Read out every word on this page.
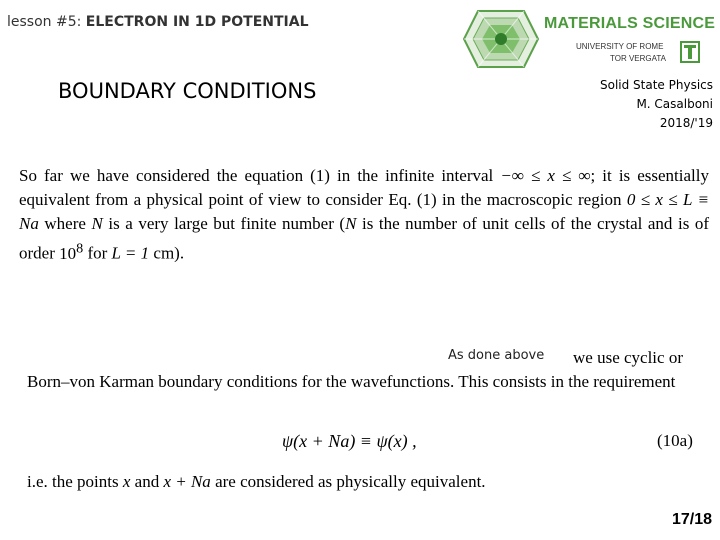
lesson #5: ELECTRON IN 1D POTENTIAL	MATERIALS SCIENCE
UNIVERSITY OF ROME
TOR VERGATA
BOUNDARY CONDITIONS	Solid State Physics
M. Casalboni
2018/'19
So far we have considered the equation (1) in the infinite interval −∞ ≤ x ≤ ∞; it is essentially equivalent from a physical point of view to consider Eq. (1) in the macroscopic region 0 ≤ x ≤ L ≡ Na where N is a very large but finite number (N is the number of unit cells of the crystal and is of order $10^8$ for L = 1 cm).
As done above we use cyclic or
Born–von Karman boundary conditions for the wavefunctions. This consists in the requirement
ψ(x + Na) ≡ ψ(x) ,	(10a)
i.e. the points x and x + Na are considered as physically equivalent.
17/18
